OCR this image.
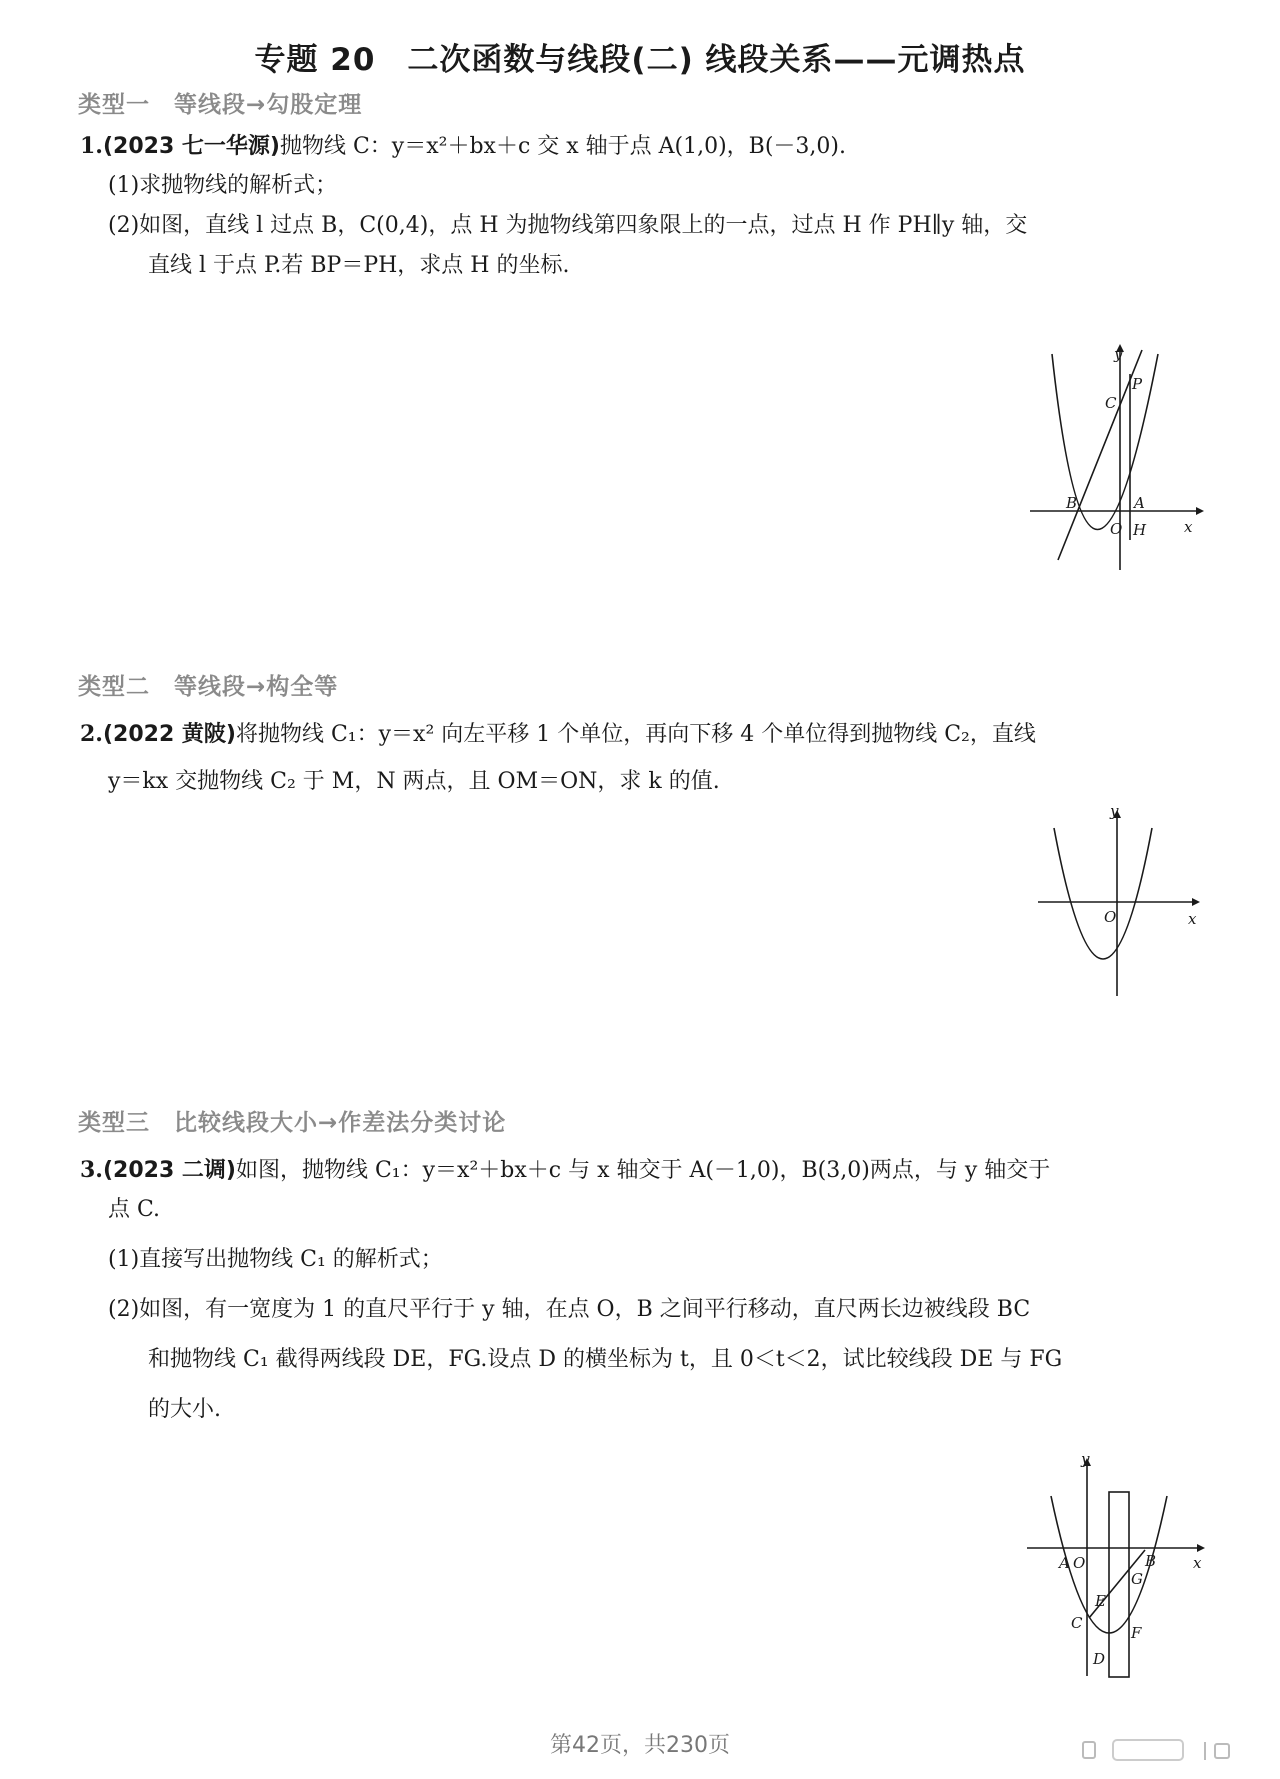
专题 20　二次函数与线段(二) 线段关系——元调热点
类型一　等线段→勾股定理
1.(2023 七一华源)抛物线 C：y＝x²＋bx＋c 交 x 轴于点 A(1,0)，B(－3,0).
(1)求抛物线的解析式；
(2)如图，直线 l 过点 B，C(0,4)，点 H 为抛物线第四象限上的一点，过点 H 作 PH∥y 轴，交
直线 l 于点 P.若 BP＝PH，求点 H 的坐标.
y
x
O
A
B
C
P
H
类型二　等线段→构全等
2.(2022 黄陂)将抛物线 C₁：y＝x² 向左平移 1 个单位，再向下移 4 个单位得到抛物线 C₂，直线
y＝kx 交抛物线 C₂ 于 M，N 两点，且 OM＝ON，求 k 的值.
y
x
O
类型三　比较线段大小→作差法分类讨论
3.(2023 二调)如图，抛物线 C₁：y＝x²＋bx＋c 与 x 轴交于 A(－1,0)，B(3,0)两点，与 y 轴交于
点 C.
(1)直接写出抛物线 C₁ 的解析式；
(2)如图，有一宽度为 1 的直尺平行于 y 轴，在点 O，B 之间平行移动，直尺两长边被线段 BC
和抛物线 C₁ 截得两线段 DE，FG.设点 D 的横坐标为 t，且 0＜t＜2，试比较线段 DE 与 FG
的大小.
y
x
O
A	B
C
D
E
F
G
第42页，共230页
